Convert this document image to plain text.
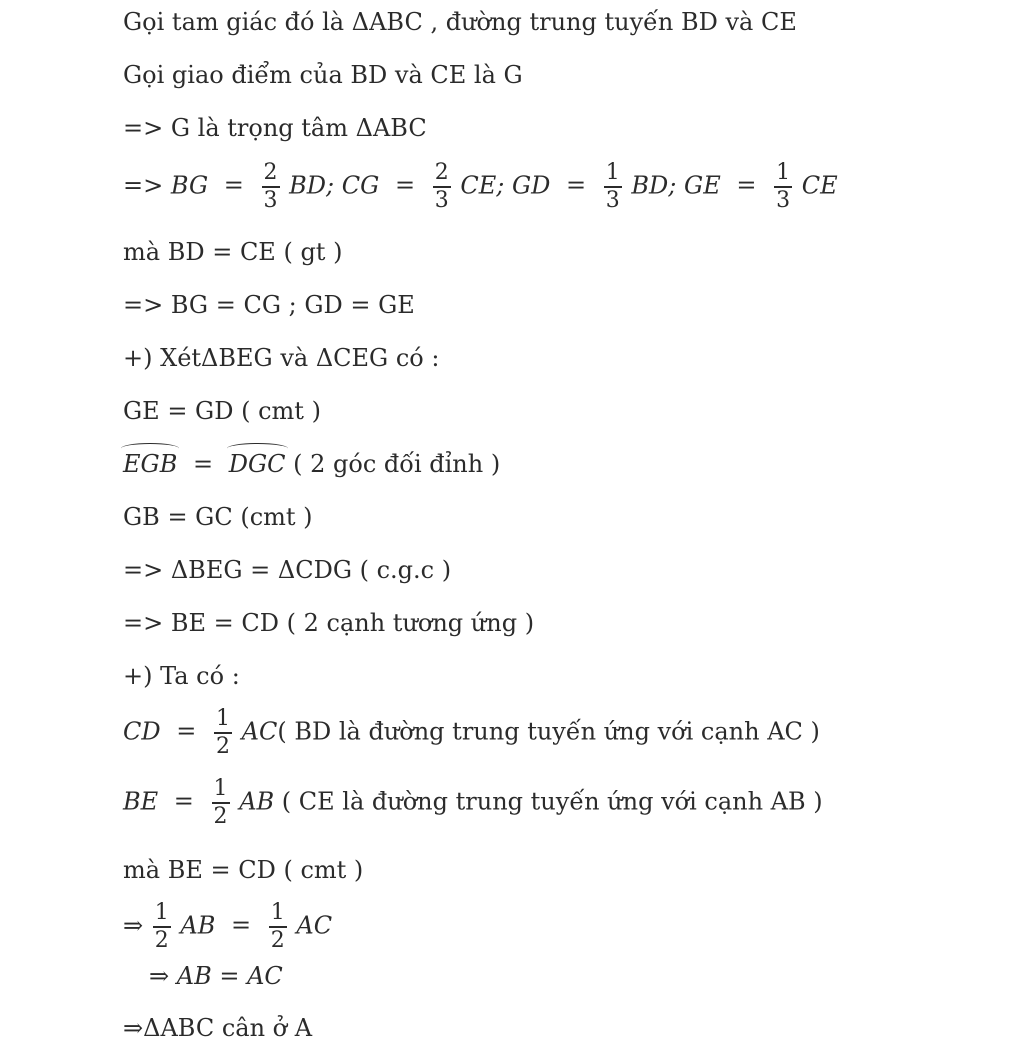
Gọi tam giác đó là ΔABC , đường trung tuyến BD và CE
Gọi giao điểm của BD và CE là G
=> G là trọng tâm ΔABC
=> BG = $\frac{2}{3}$ BD; CG = $\frac{2}{3}$ CE; GD = $\frac{1}{3}$ BD; GE = $\frac{1}{3}$ CE
mà BD = CE ( gt )
=> BG = CG ; GD = GE
+) XétΔBEG và ΔCEG có :
GE = GD ( cmt )
EGB = DGC ( 2 góc đối đỉnh )
GB = GC (cmt )
=> ΔBEG = ΔCDG ( c.g.c )
=> BE = CD ( 2 cạnh tương ứng )
+) Ta có :
CD = $\frac{1}{2} AC$( BD là đường trung tuyến ứng với cạnh AC )
BE = $\frac{1}{2}$ AB ( CE là đường trung tuyến ứng với cạnh AB )
mà BE = CD ( cmt )
⇒ $\frac{1}{2}$ AB = $\frac{1}{2}$ AC
⇒ AB = AC
⇒ΔABC cân ở A
